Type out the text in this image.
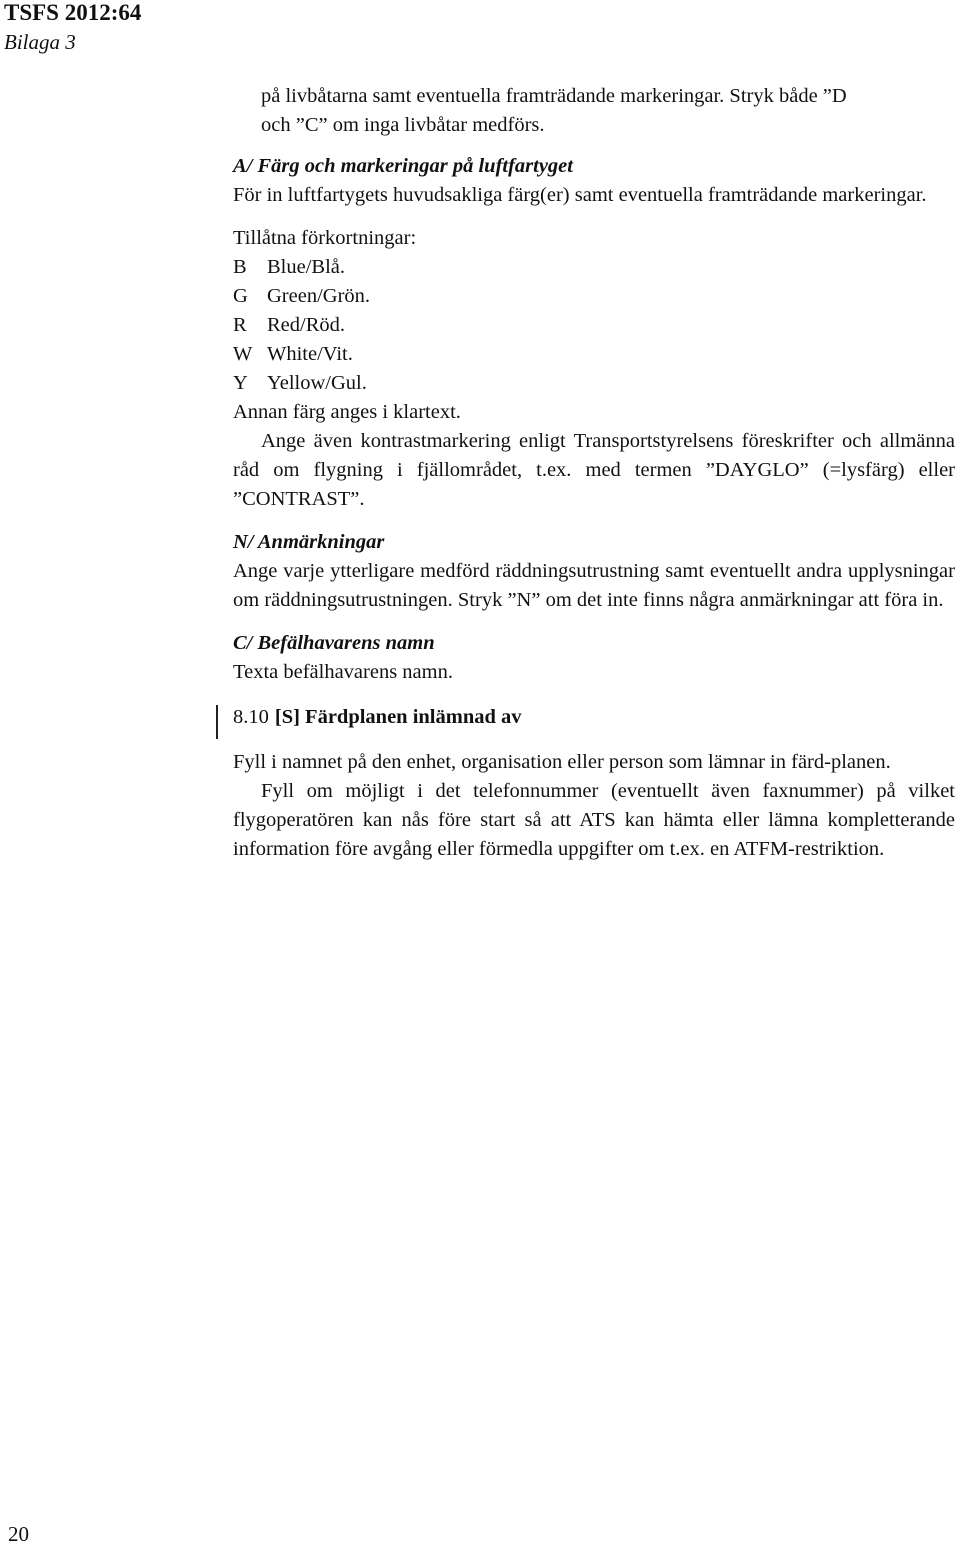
TSFS 2012:64
Bilaga 3

på livbåtarna samt eventuella framträdande markeringar. Stryk både ”D

och ”C” om inga livbåtar medförs.

A/ Färg och markeringar på luftfartyget

För in luftfartygets huvudsakliga färg(er) samt eventuella framträdande markeringar.

Tillåtna förkortningar:

B Blue/Blå.
G Green/Grön.
R Red/Röd.
W White/Vit.
Y Yellow/Gul.

Annan färg anges i klartext.

Ange även kontrastmarkering enligt Transportstyrelsens föreskrifter och allmänna råd om flygning i fjällområdet, t.ex. med termen ”DAYGLO” (=lysfärg) eller ”CONTRAST”.

N/ Anmärkningar

Ange varje ytterligare medförd räddningsutrustning samt eventuellt andra upplysningar om räddningsutrustningen. Stryk ”N” om det inte finns några anmärkningar att föra in.

C/ Befälhavarens namn

Texta befälhavarens namn.

8.10 [S] Färdplanen inlämnad av

Fyll i namnet på den enhet, organisation eller person som lämnar in färd-planen.

Fyll om möjligt i det telefonnummer (eventuellt även faxnummer) på vilket flygoperatören kan nås före start så att ATS kan hämta eller lämna kompletterande information före avgång eller förmedla uppgifter om t.ex. en ATFM-restriktion.

20
